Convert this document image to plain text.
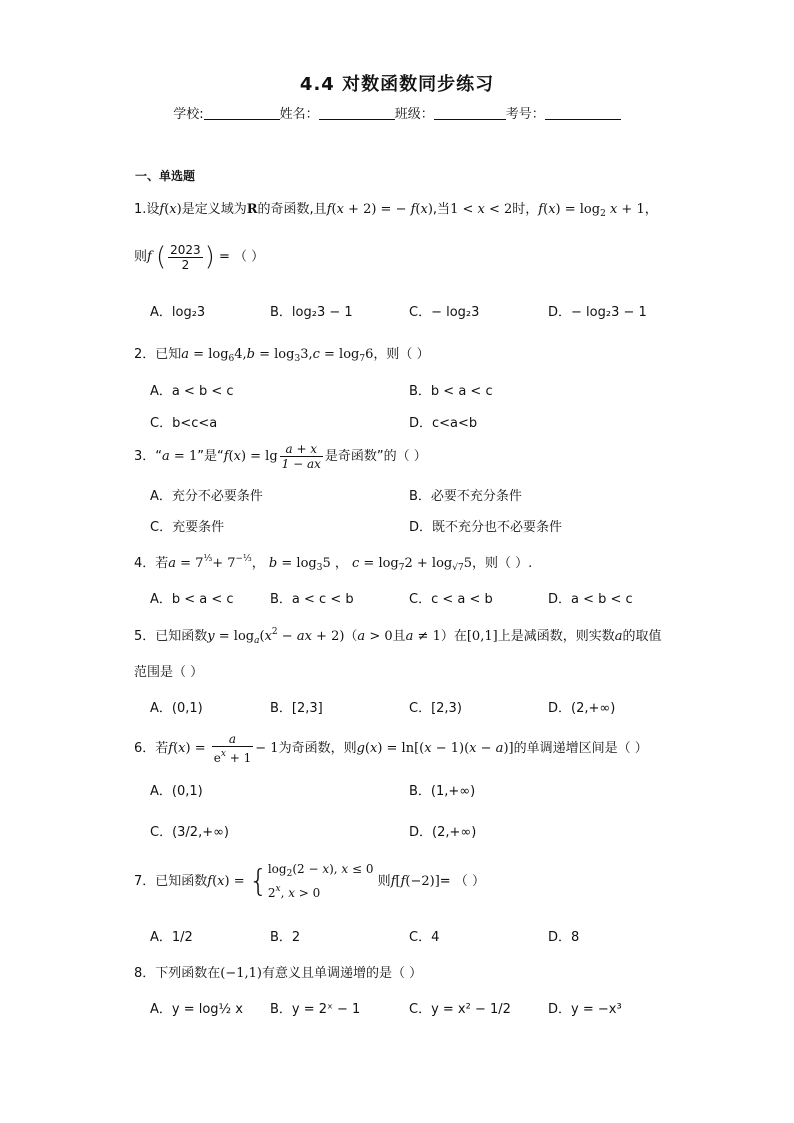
4.4 对数函数同步练习
学校:	姓名：	班级：	考号：
一、单选题
1.设f(x)是定义域为R的奇函数,且f(x + 2) = − f(x),当1 < x < 2时，$f(x) = \log_2 x + 1$，
则f ( $\frac{2023}{2}$ ) = （ ）
A．log₂3	B．log₂3 − 1	C．− log₂3	D．− log₂3 − 1
2．已知$a = \log_64,b = \log_33,c = \log_76$，则（ ）
A．a < b < c	B．b < a < c
C．b<c<a	D．c<a<b
3．“a = 1”是“$f(x) = \lg \frac{a + x}{1 - ax}$ 是奇函数”的（ ）
A．充分不必要条件	B．必要不充分条件
C．充要条件	D．既不充分也不必要条件
4．若$a = 7^{\frac{1}{3}}+ 7^{-\frac{1}{3}}$， $b = \log_35$ ， $c = \log_72 + \log_{√7}5$，则（ ）.
A．b < a < c	B．a < c < b	C．c < a < b	D．a < b < c
5．已知函数$y = \log_a(x^2$ − ax + 2)（a > 0且a ≠ 1）在[0,1]上是减函数，则实数a的取值
范围是（ ）
A．(0,1)	B．[2,3]	C．[2,3)	D．(2,+∞)
6．若$f(x) = \frac{a}{e^x + 1} - 1$为奇函数，则g(x) = ln[(x − 1)(x − a)]的单调递增区间是（ ）
A．(0,1)	B．(1,+∞)
C．(3/2,+∞)	D．(2,+∞)
7．已知函数$f(x) = \{\log_2(2 - x)$, x ≤ 0
2$^x$, x > 0 则f[f(−2)]= （ ）
A．1/2	B．2	C．4	D．8
8．下列函数在(−1,1)有意义且单调递增的是（ ）
A．y = log½ x B．y = 2ˣ − 1	C．y = x² − 1/2	D．y = −x³
